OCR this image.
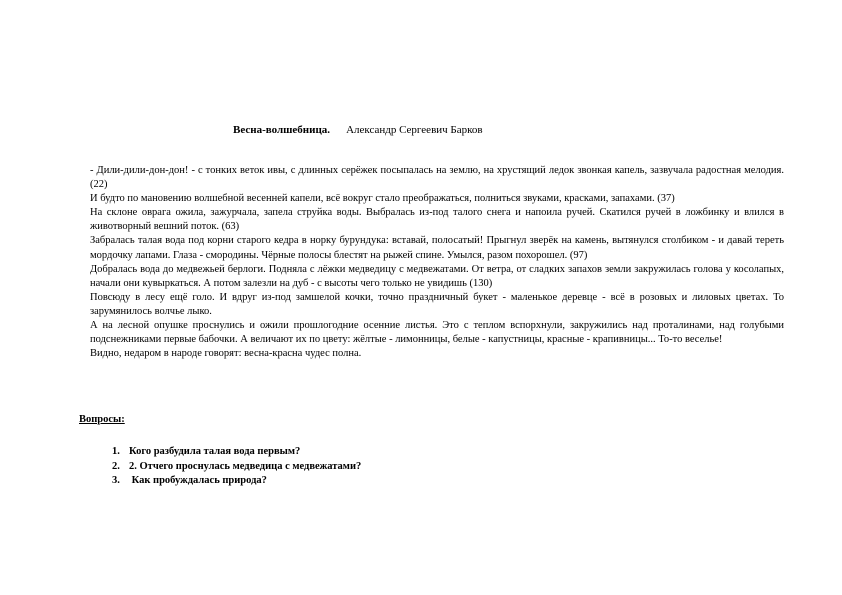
Весна-волшебница. Александр Сергеевич Барков

- Дили-дили-дон-дон! - с тонких веток ивы, с длинных серёжек посыпалась на землю, на хрустящий ледок звонкая капель, зазвучала радостная мелодия. (22)

И будто по мановению волшебной весенней капели, всё вокруг стало преображаться, полниться звуками, красками, запахами. (37)

На склоне оврага ожила, зажурчала, запела струйка воды. Выбралась из-под талого снега и напоила ручей. Скатился ручей в ложбинку и влился в животворный вешний поток. (63)

Забралась талая вода под корни старого кедра в норку бурундука: вставай, полосатый! Прыгнул зверёк на камень, вытянулся столбиком - и давай тереть мордочку лапами. Глаза - смородины. Чёрные полосы блестят на рыжей спине. Умылся, разом похорошел. (97)

Добралась вода до медвежьей берлоги. Подняла с лёжки медведицу с медвежатами. От ветра, от сладких запахов земли закружилась голова у косолапых, начали они кувыркаться. А потом залезли на дуб - с высоты чего только не увидишь (130)

Повсюду в лесу ещё голо. И вдруг из-под замшелой кочки, точно праздничный букет - маленькое деревце - всё в розовых и лиловых цветах. То зарумянилось волчье лыко.

А на лесной опушке проснулись и ожили прошлогодние осенние листья. Это с теплом вспорхнули, закружились над проталинами, над голубыми подснежниками первые бабочки. А величают их по цвету: жёлтые - лимонницы, белые - капустницы, красные - крапивницы... То-то веселье!

Видно, недаром в народе говорят: весна-красна чудес полна.

Вопросы:
1. Кого разбудила талая вода первым?
2. 2. Отчего проснулась медведица с медвежатами?
3. Как пробуждалась природа?
